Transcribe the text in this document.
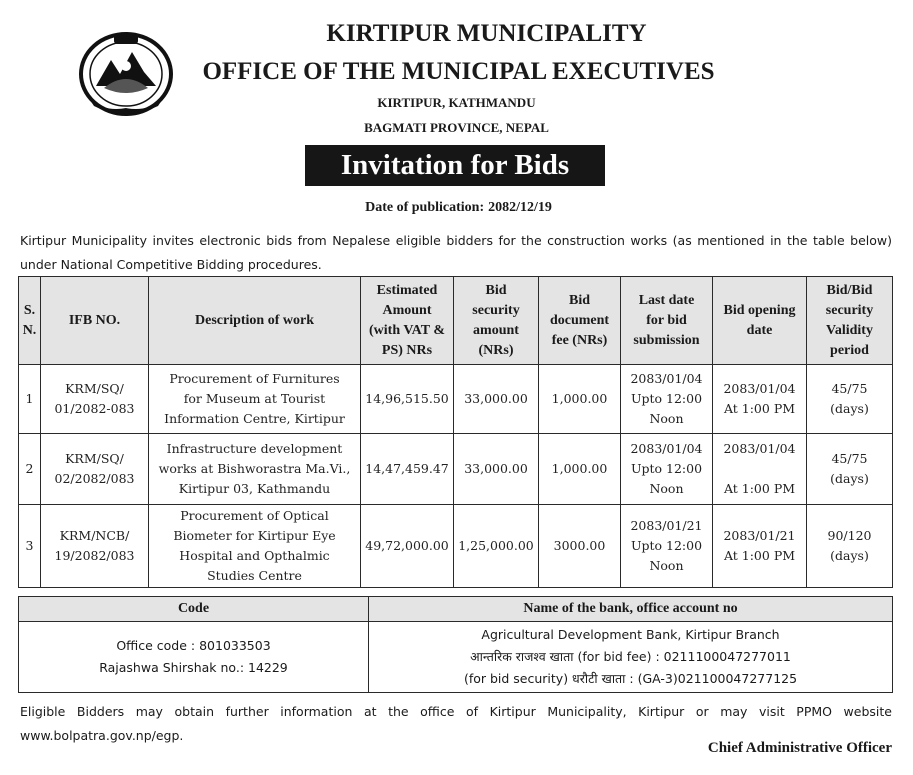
KIRTIPUR MUNICIPALITY
OFFICE OF THE MUNICIPAL EXECUTIVES
KIRTIPUR, KATHMANDU
BAGMATI PROVINCE, NEPAL
Invitation for Bids
Date of publication: 2082/12/19
Kirtipur Municipality invites electronic bids from Nepalese eligible bidders for the construction works (as mentioned in the table below) under National Competitive Bidding procedures.
S.
N.	IFB NO.	Description of work	Estimated
Amount
(with VAT &
PS) NRs	Bid
security
amount
(NRs)	Bid
document
fee (NRs)	Last date
for bid
submission	Bid opening
date	Bid/Bid
security
Validity
period

1	KRM/SQ/
01/2082-083	Procurement of Furnitures
for Museum at Tourist
Information Centre, Kirtipur	14,96,515.50	33,000.00	1,000.00	2083/01/04
Upto 12:00
Noon	2083/01/04
At 1:00 PM	45/75
(days)

2	KRM/SQ/
02/2082/083	Infrastructure development
works at Bishworastra Ma.Vi.,
Kirtipur 03, Kathmandu	14,47,459.47	33,000.00	1,000.00	2083/01/04
Upto 12:00
Noon	2083/01/04
At 1:00 PM	45/75
(days)

3	KRM/NCB/
19/2082/083	Procurement of Optical
Biometer for Kirtipur Eye
Hospital and Opthalmic
Studies Centre	49,72,000.00	1,25,000.00	3000.00	2083/01/21
Upto 12:00
Noon	2083/01/21
At 1:00 PM	90/120
(days)
Code	Name of the bank, office account no

Office code : 801033503
Rajashwa Shirshak no.: 14229	Agricultural Development Bank, Kirtipur Branch
आन्तरिक राजश्व खाता (for bid fee) : 0211100047277011
(for bid security) धरौटी खाता : (GA-3)021100047277125
Eligible Bidders may obtain further information at the office of Kirtipur Municipality, Kirtipur or may visit PPMO website www.bolpatra.gov.np/egp.
Chief Administrative Officer
